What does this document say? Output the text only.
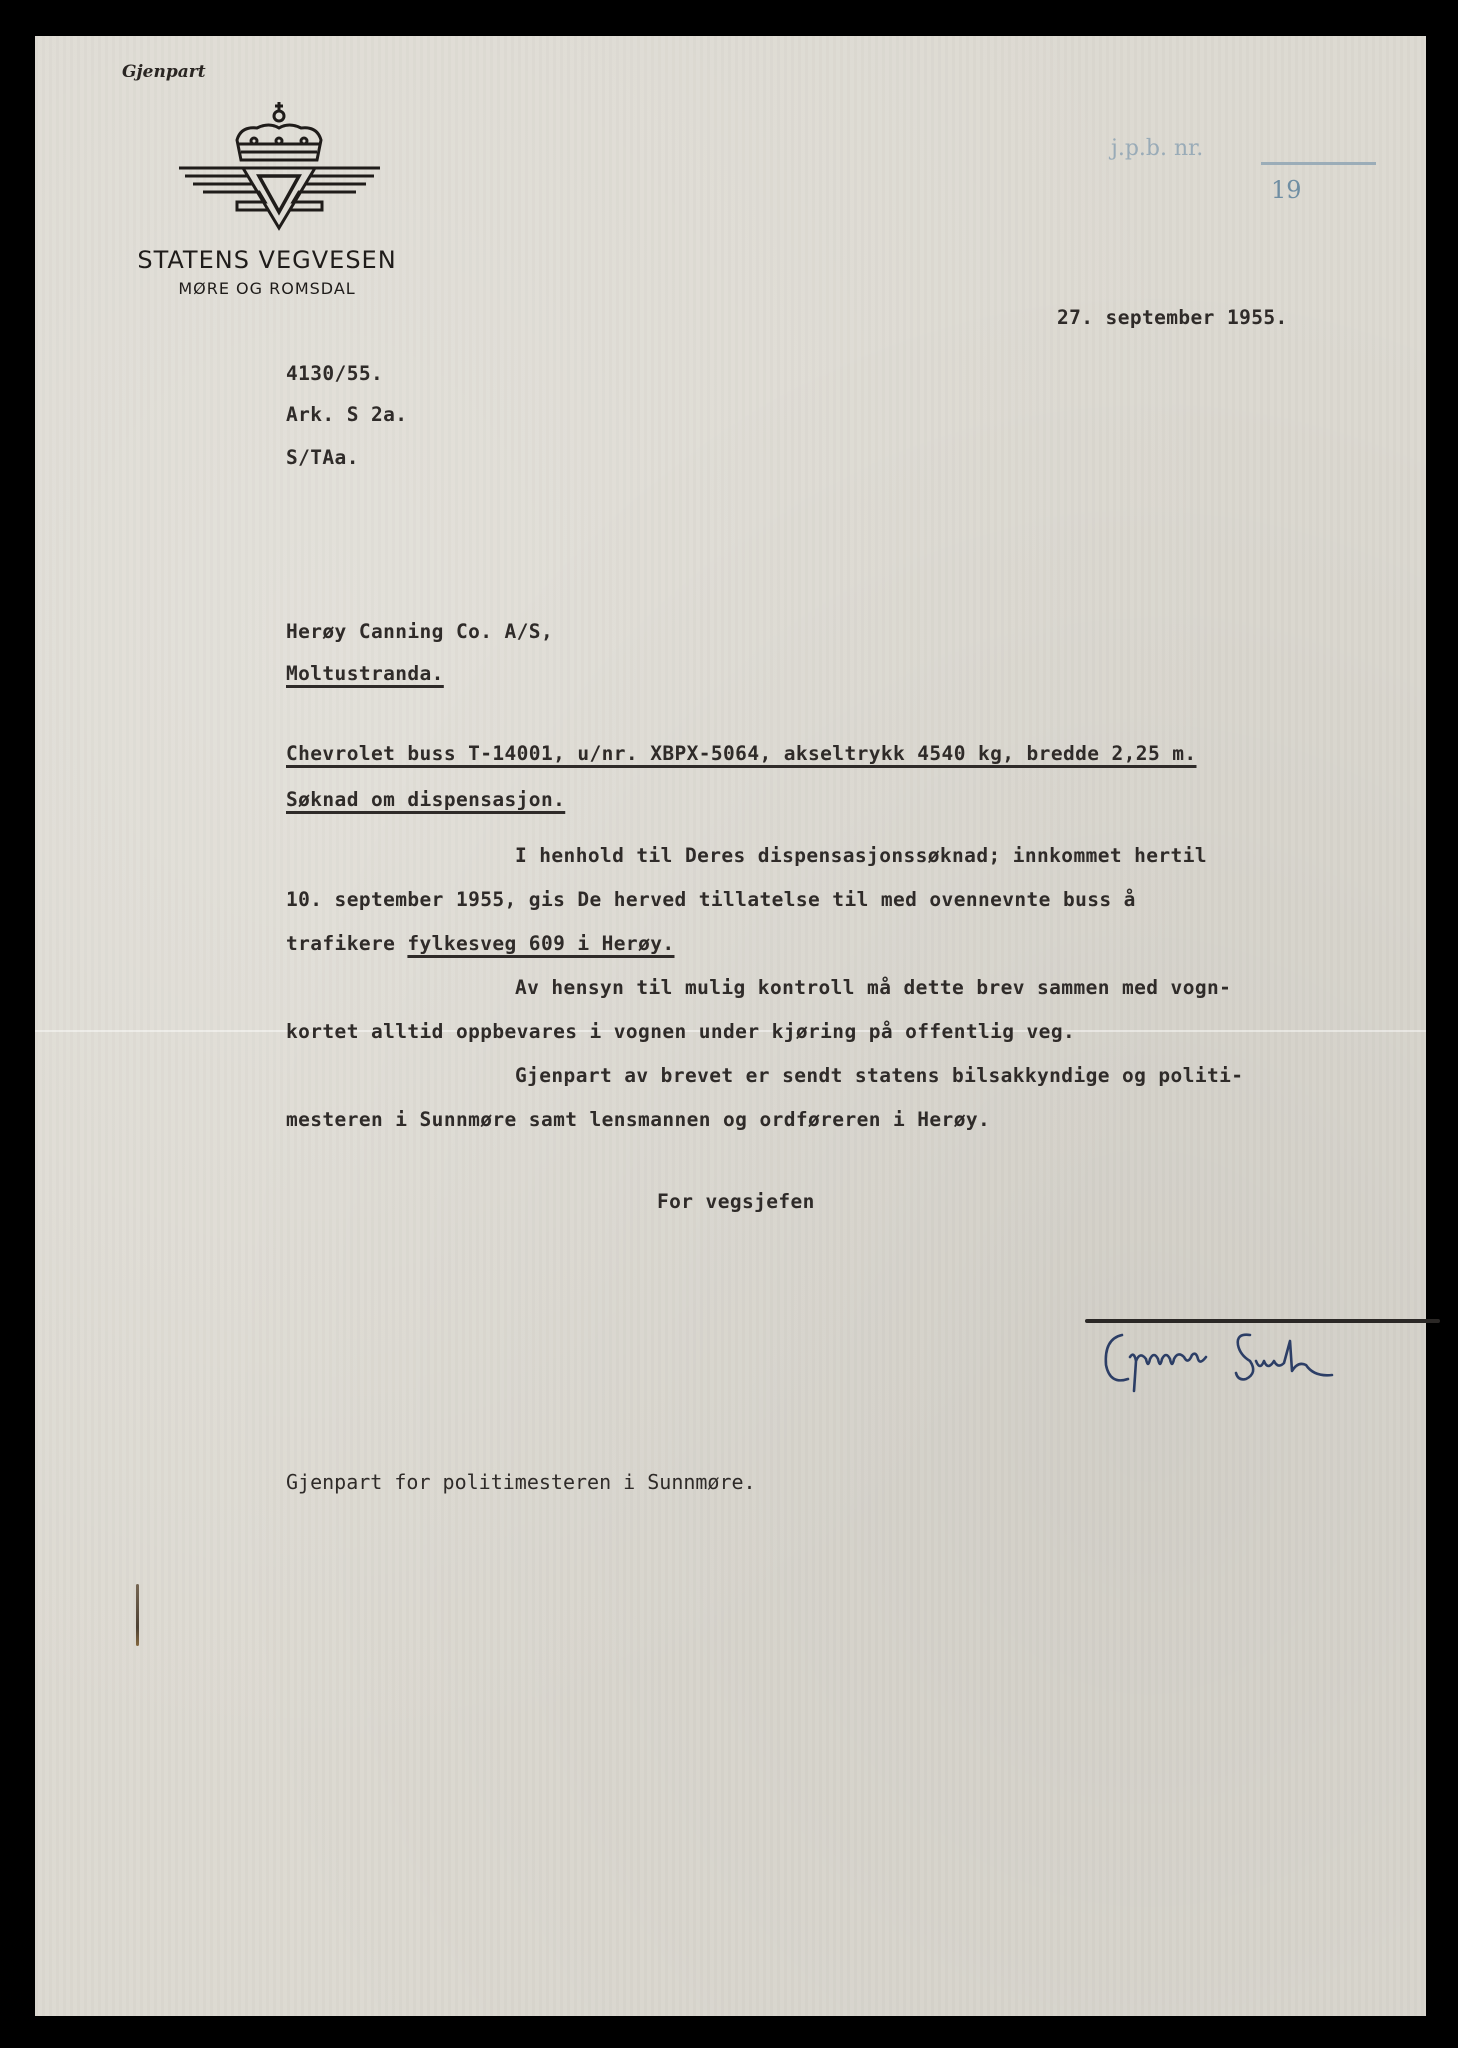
Gjenpart
STATENS VEGVESEN
MØRE OG ROMSDAL
j.p.b. nr.
19
27. september 1955.
4130/55.
Ark. S 2a.
S/TAa.
Herøy Canning Co. A/S,
Moltustranda.
Chevrolet buss T-14001, u/nr. XBPX-5064, akseltrykk 4540 kg, bredde 2,25 m.
Søknad om dispensasjon.
I henhold til Deres dispensasjonssøknad; innkommet hertil
10. september 1955, gis De herved tillatelse til med ovennevnte buss å
trafikere fylkesveg 609 i Herøy.
Av hensyn til mulig kontroll må dette brev sammen med vogn-
kortet alltid oppbevares i vognen under kjøring på offentlig veg.
Gjenpart av brevet er sendt statens bilsakkyndige og politi-
mesteren i Sunnmøre samt lensmannen og ordføreren i Herøy.
For vegsjefen
Gjenpart for politimesteren i Sunnmøre.
